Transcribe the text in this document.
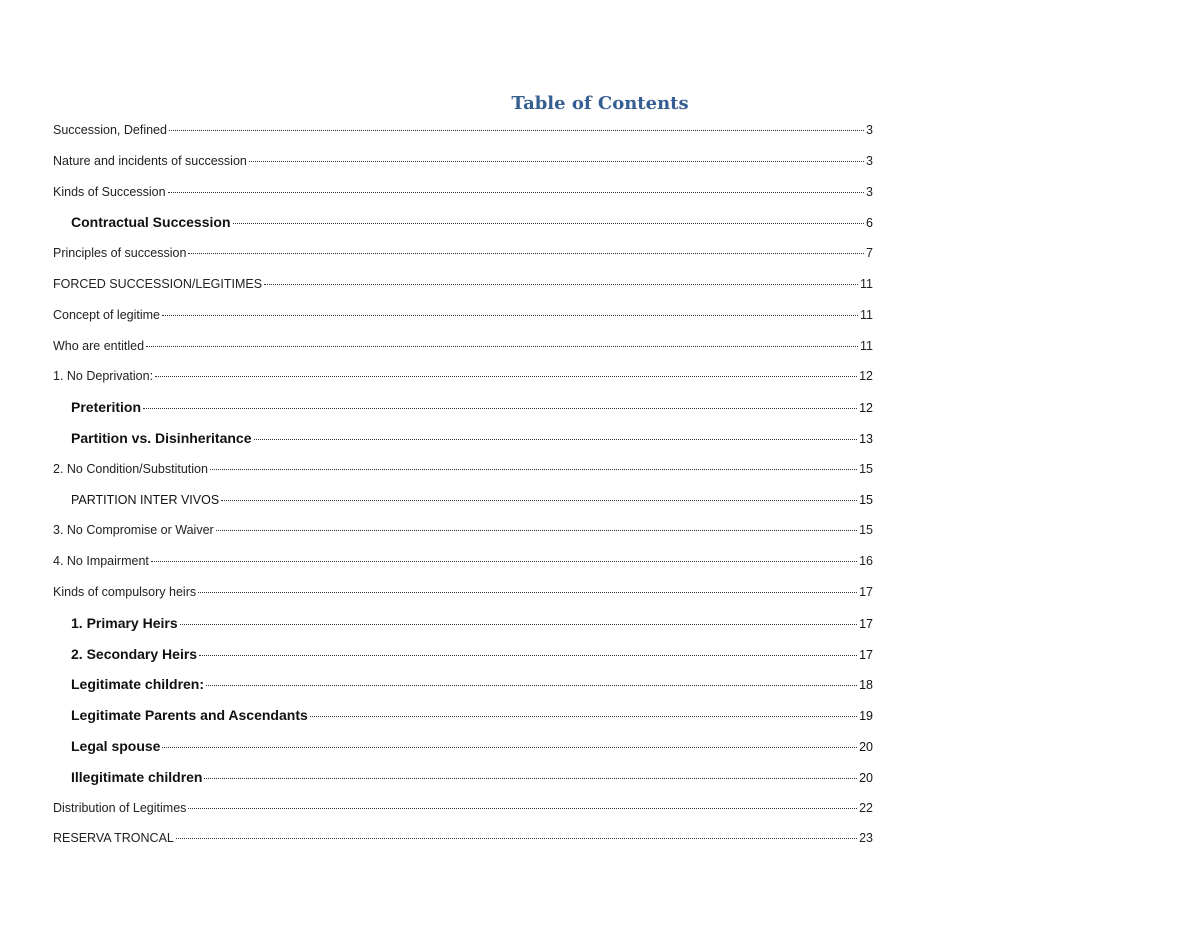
Table of Contents
Succession, Defined	3
Nature and incidents of succession	3
Kinds of Succession	3
Contractual Succession	6
Principles of succession	7
FORCED SUCCESSION/LEGITIMES	11
Concept of legitime	11
Who are entitled	11
1. No Deprivation:	12
Preterition	12
Partition vs. Disinheritance	13
2. No Condition/Substitution	15
PARTITION INTER VIVOS	15
3. No Compromise or Waiver	15
4. No Impairment	16
Kinds of compulsory heirs	17
1. Primary Heirs	17
2. Secondary Heirs	17
Legitimate children:	18
Legitimate Parents and Ascendants	19
Legal spouse	20
Illegitimate children	20
Distribution of Legitimes	22
RESERVA TRONCAL	23
